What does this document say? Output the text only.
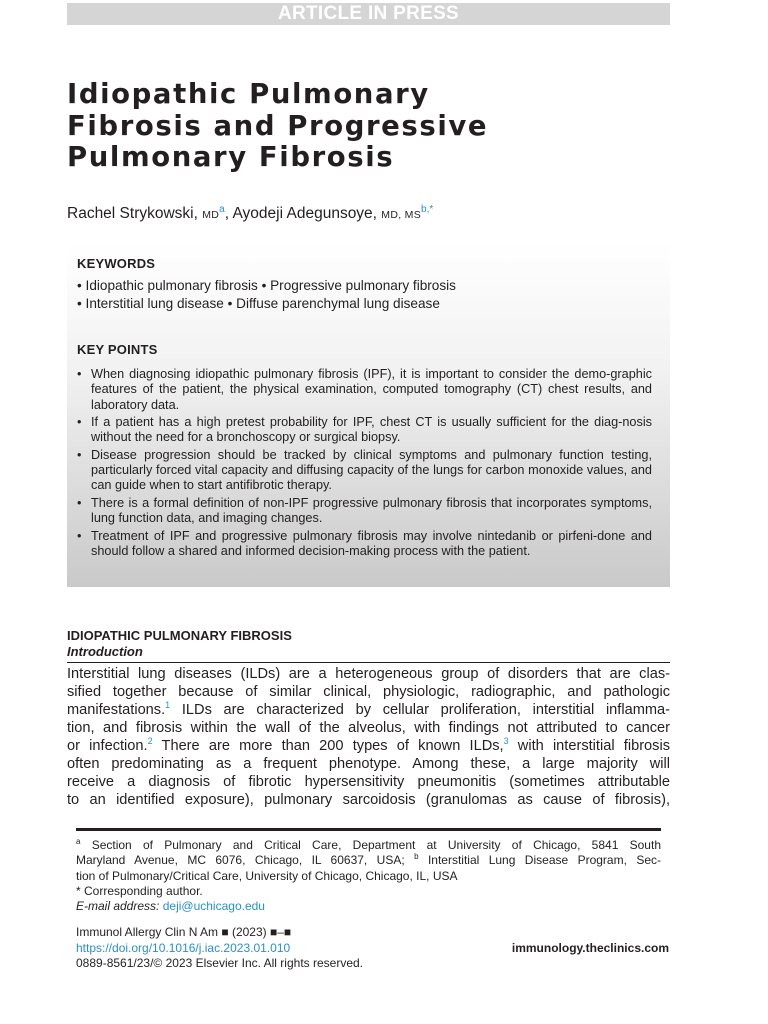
ARTICLE IN PRESS
Idiopathic Pulmonary
Fibrosis and Progressive
Pulmonary Fibrosis
Rachel Strykowski, $MD^a$, Ayodeji Adegunsoye, MD, $MS^{b,*}$
KEYWORDS
• Idiopathic pulmonary fibrosis • Progressive pulmonary fibrosis
• Interstitial lung disease • Diffuse parenchymal lung disease
KEY POINTS
• When diagnosing idiopathic pulmonary fibrosis (IPF), it is important to consider the demo-graphic features of the patient, the physical examination, computed tomography (CT) chest results, and laboratory data.
• If a patient has a high pretest probability for IPF, chest CT is usually sufficient for the diag-nosis without the need for a bronchoscopy or surgical biopsy.
• Disease progression should be tracked by clinical symptoms and pulmonary function testing, particularly forced vital capacity and diffusing capacity of the lungs for carbon monoxide values, and can guide when to start antifibrotic therapy.
• There is a formal definition of non-IPF progressive pulmonary fibrosis that incorporates symptoms, lung function data, and imaging changes.
• Treatment of IPF and progressive pulmonary fibrosis may involve nintedanib or pirfeni-done and should follow a shared and informed decision-making process with the patient.
IDIOPATHIC PULMONARY FIBROSIS
Introduction
Interstitial lung diseases (ILDs) are a heterogeneous group of disorders that are clas-
sified together because of similar clinical, physiologic, radiographic, and pathologic
manifestations.$^1$ ILDs are characterized by cellular proliferation, interstitial inflamma-
tion, and fibrosis within the wall of the alveolus, with findings not attributed to cancer
or infection.$^2$ There are more than 200 types of known ILDs,$^3$ with interstitial fibrosis
often predominating as a frequent phenotype. Among these, a large majority will
receive a diagnosis of fibrotic hypersensitivity pneumonitis (sometimes attributable
to an identified exposure), pulmonary sarcoidosis (granulomas as cause of fibrosis),
$^a$ Section of Pulmonary and Critical Care, Department at University of Chicago, 5841 South
Maryland Avenue, MC 6076, Chicago, IL 60637, USA; $^b$ Interstitial Lung Disease Program, Sec-
tion of Pulmonary/Critical Care, University of Chicago, Chicago, IL, USA
* Corresponding author.
E-mail address: deji@uchicago.edu
Immunol Allergy Clin N Am ■ (2023) ■–■
https://doi.org/10.1016/j.iac.2023.01.010
0889-8561/23/© 2023 Elsevier Inc. All rights reserved.
immunology.theclinics.com
